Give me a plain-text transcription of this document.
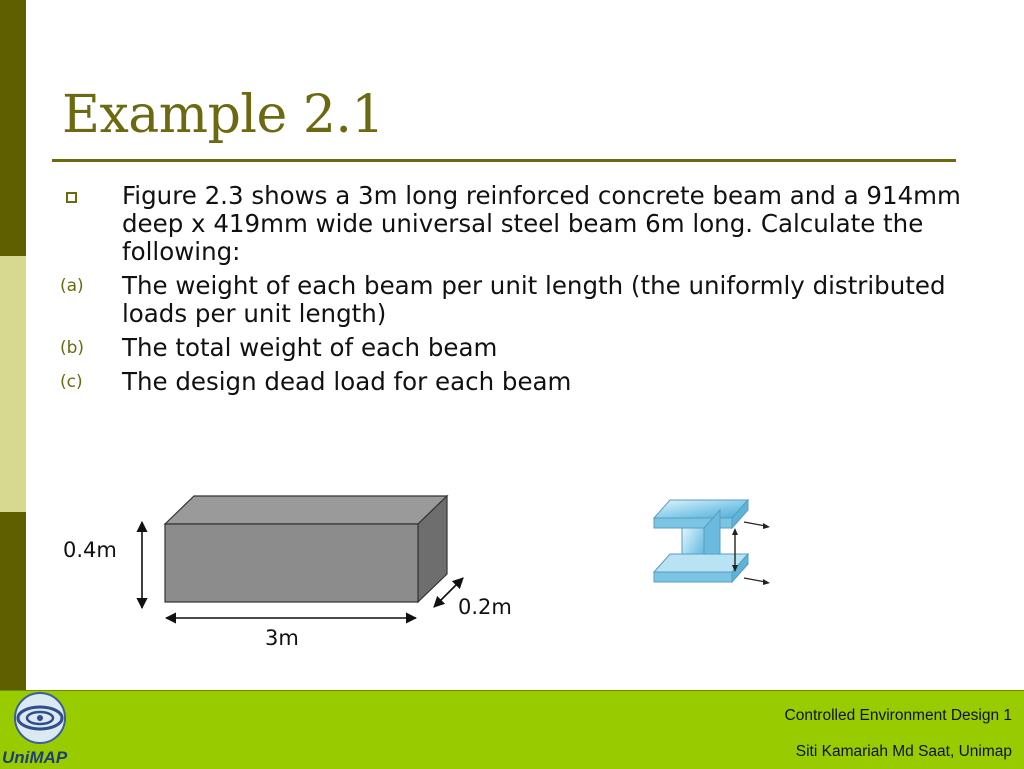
Example 2.1
Figure 2.3 shows a 3m long reinforced concrete beam and a 914mm deep x 419mm wide universal steel beam 6m long. Calculate the following:
(a) The weight of each beam per unit length (the uniformly distributed loads per unit length)
(b) The total weight of each beam
(c) The design dead load for each beam
0.4m
0.2m
3m
UniMAP
Controlled Environment Design 1
Siti Kamariah Md Saat, Unimap
